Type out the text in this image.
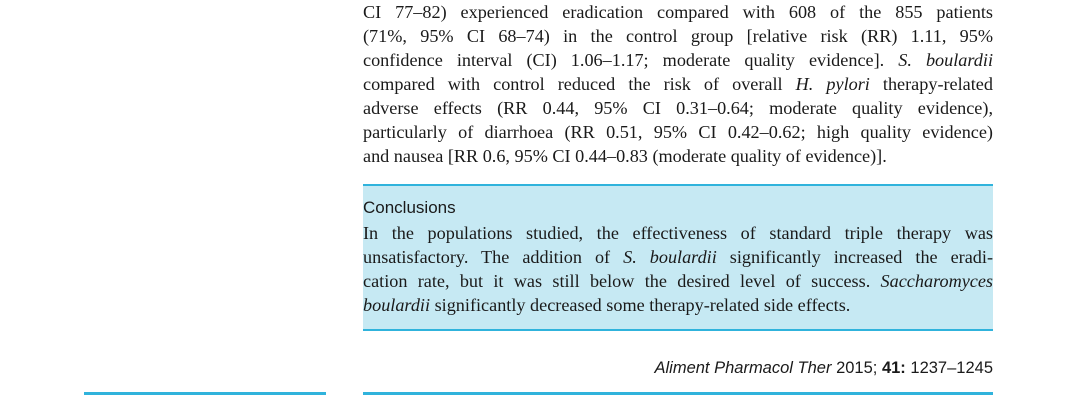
CI 77–82) experienced eradication compared with 608 of the 855 patients
(71%, 95% CI 68–74) in the control group [relative risk (RR) 1.11, 95%
confidence interval (CI) 1.06–1.17; moderate quality evidence]. S. boulardii
compared with control reduced the risk of overall H. pylori therapy-related
adverse effects (RR 0.44, 95% CI 0.31–0.64; moderate quality evidence),
particularly of diarrhoea (RR 0.51, 95% CI 0.42–0.62; high quality evidence)
and nausea [RR 0.6, 95% CI 0.44–0.83 (moderate quality of evidence)].

Conclusions
In the populations studied, the effectiveness of standard triple therapy was
unsatisfactory. The addition of S. boulardii significantly increased the eradi-
cation rate, but it was still below the desired level of success. Saccharomyces
boulardii significantly decreased some therapy-related side effects.
Aliment Pharmacol Ther 2015; 41: 1237–1245
